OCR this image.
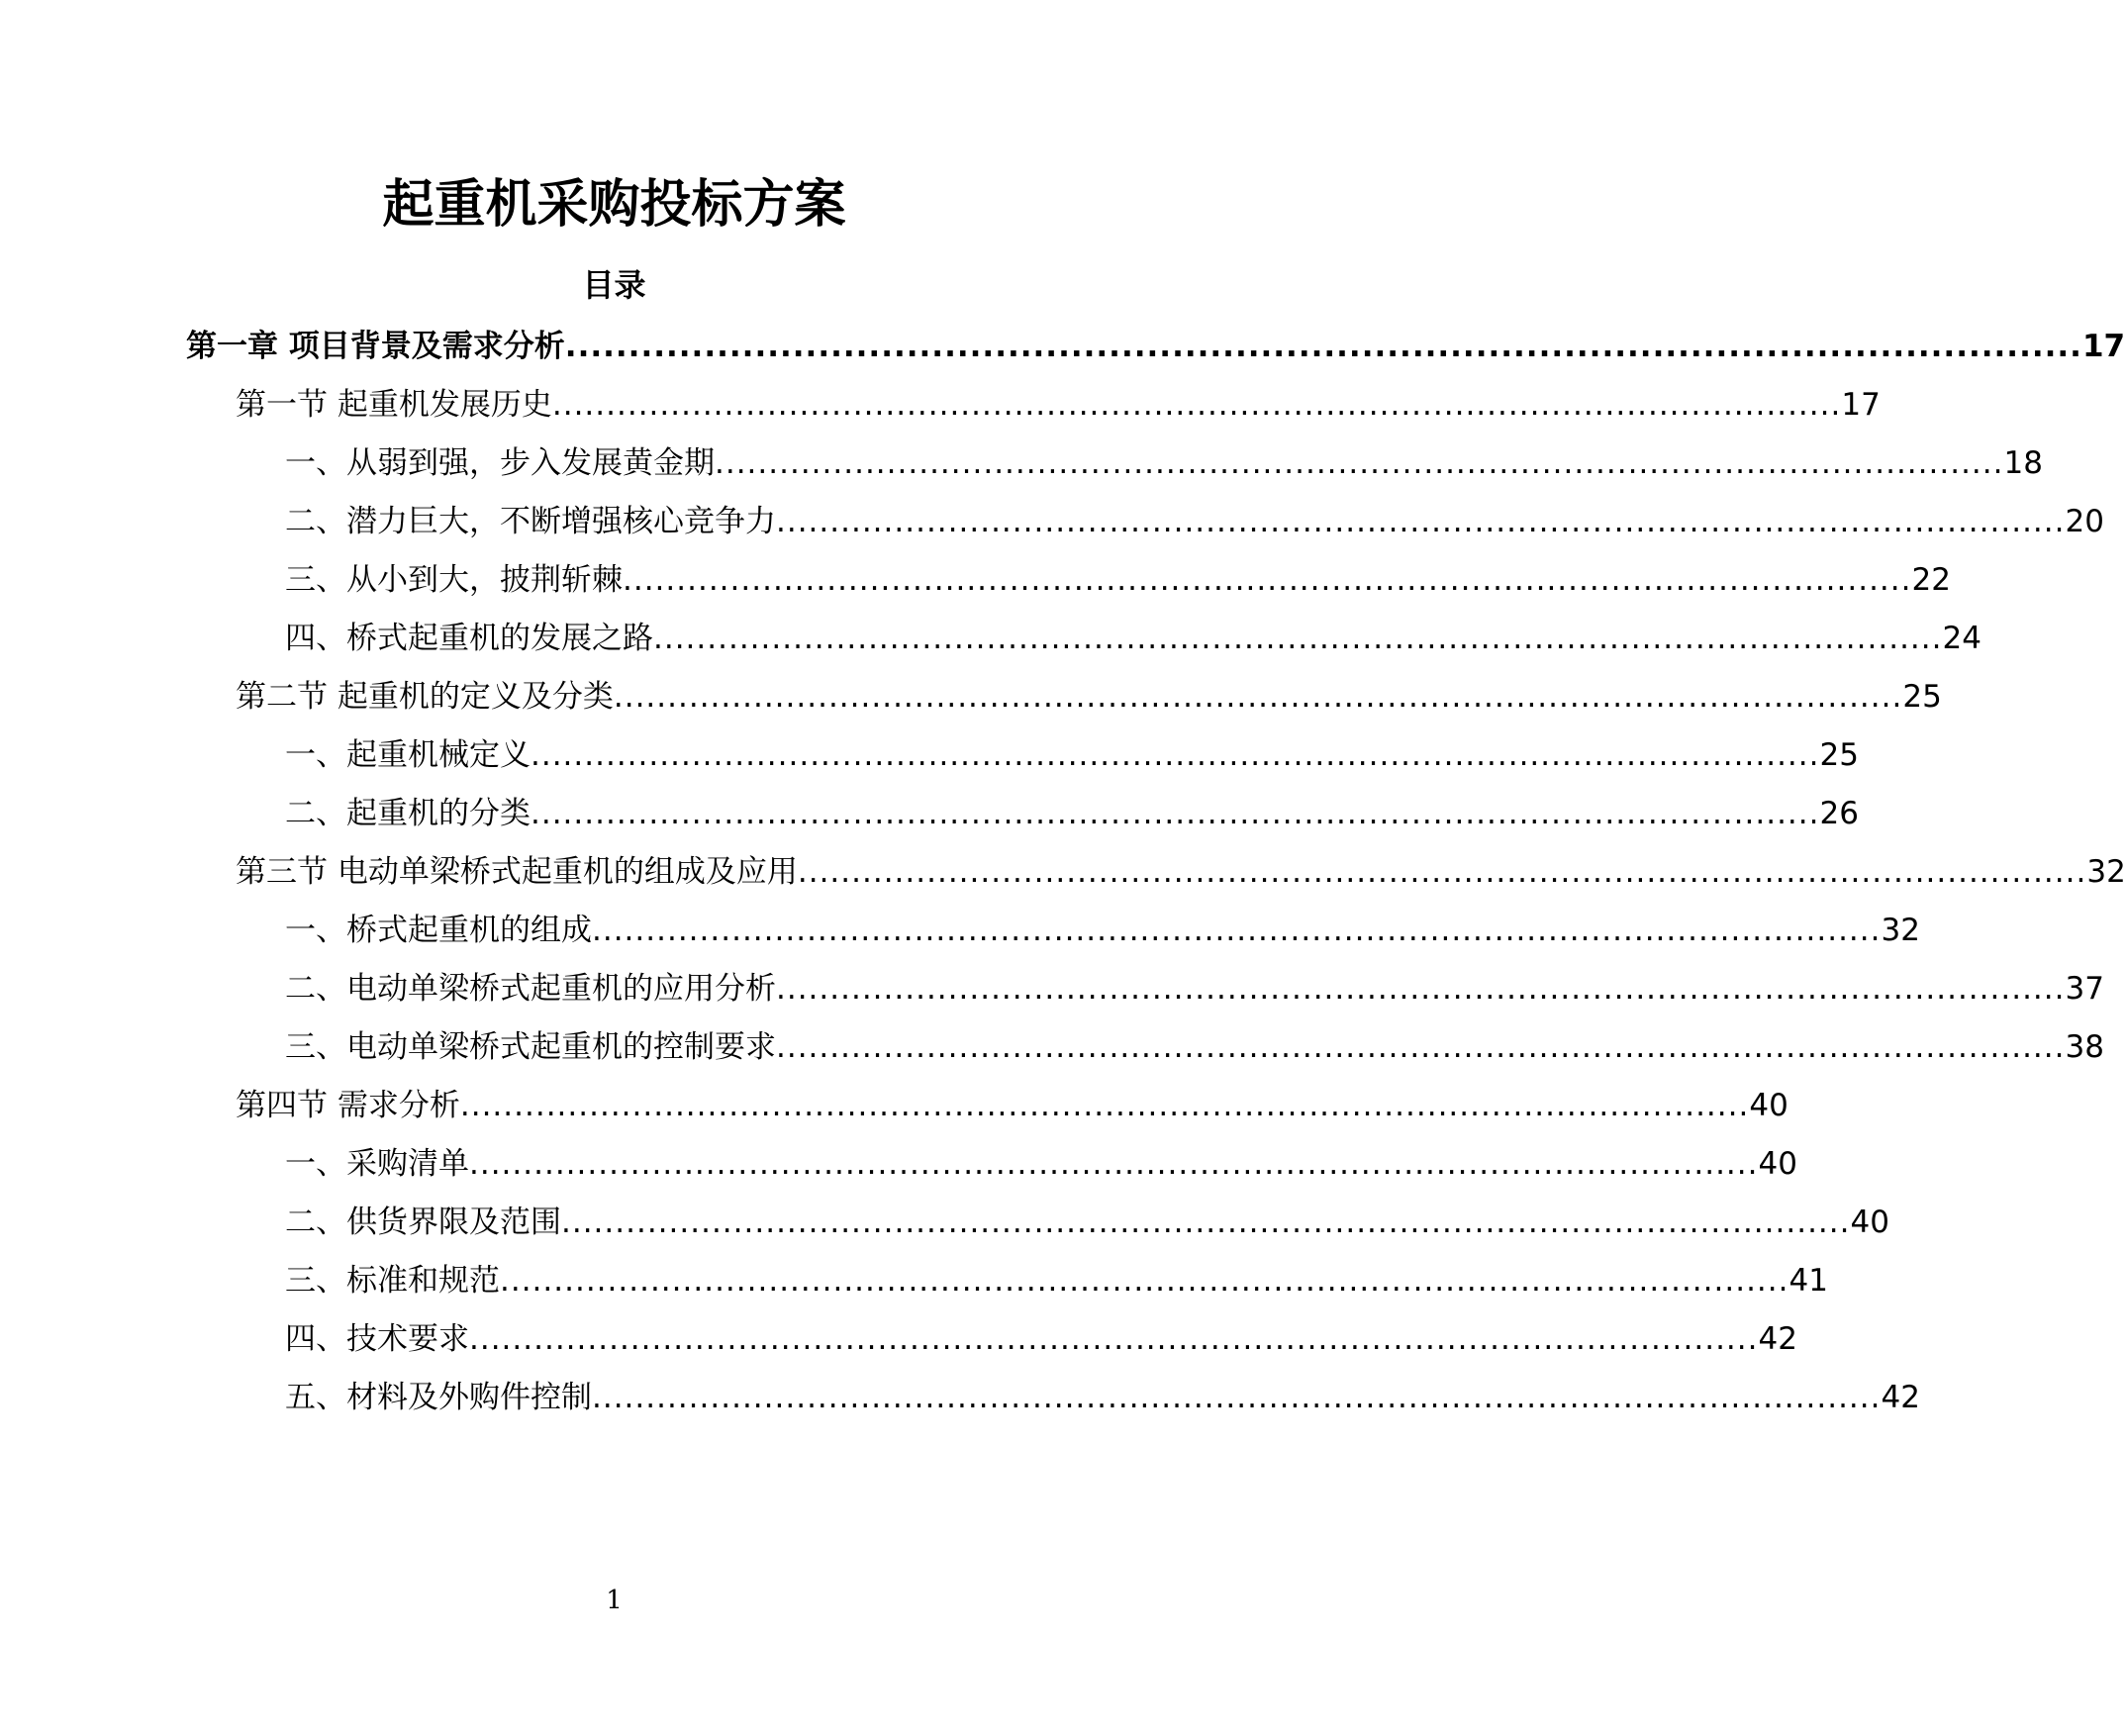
起重机采购投标方案
目录
第一章 项目背景及需求分析 ........................................................................................................................ 17
第一节 起重机发展历史 ........................................................................................................................ 17
一、从弱到强，步入发展黄金期 ........................................................................................................................ 18
二、潜力巨大，不断增强核心竞争力 ........................................................................................................................ 20
三、从小到大，披荆斩棘 ........................................................................................................................ 22
四、桥式起重机的发展之路 ........................................................................................................................ 24
第二节 起重机的定义及分类 ........................................................................................................................ 25
一、起重机械定义 ........................................................................................................................ 25
二、起重机的分类 ........................................................................................................................ 26
第三节 电动单梁桥式起重机的组成及应用 ........................................................................................................................ 32
一、桥式起重机的组成 ........................................................................................................................ 32
二、电动单梁桥式起重机的应用分析 ........................................................................................................................ 37
三、电动单梁桥式起重机的控制要求 ........................................................................................................................ 38
第四节 需求分析 ........................................................................................................................ 40
一、采购清单 ........................................................................................................................ 40
二、供货界限及范围 ........................................................................................................................ 40
三、标准和规范 ........................................................................................................................ 41
四、技术要求 ........................................................................................................................ 42
五、材料及外购件控制 ........................................................................................................................ 42
1
